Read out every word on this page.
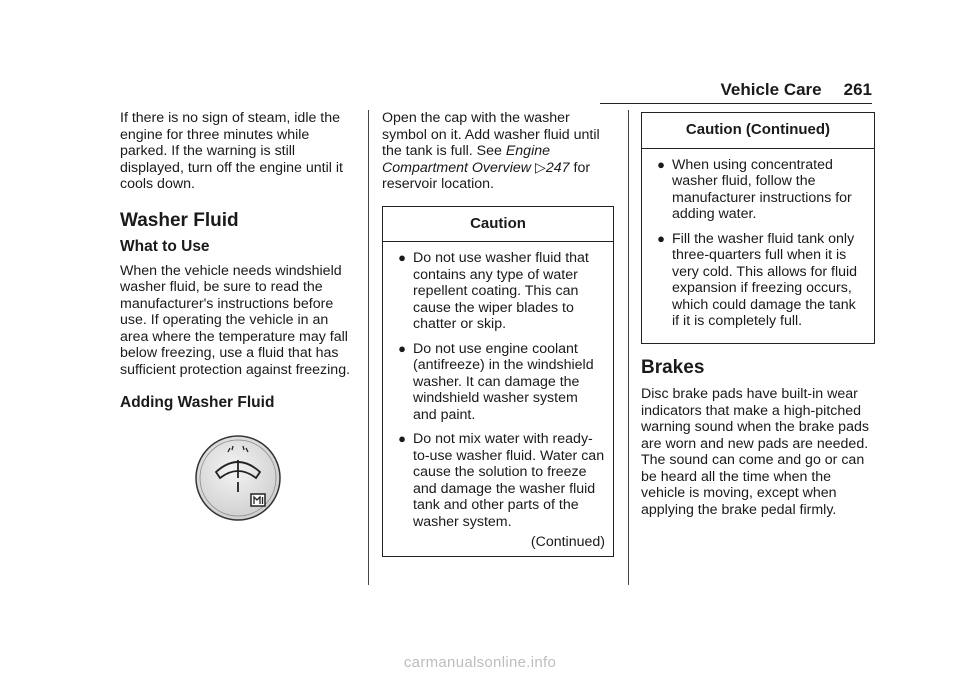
Vehicle Care 261

If there is no sign of steam, idle the engine for three minutes while parked. If the warning is still displayed, turn off the engine until it cools down.

Washer Fluid
What to Use

When the vehicle needs windshield washer fluid, be sure to read the manufacturer's instructions before use. If operating the vehicle in an area where the temperature may fall below freezing, use a fluid that has sufficient protection against freezing.

Adding Washer Fluid

Open the cap with the washer symbol on it. Add washer fluid until the tank is full. See Engine Compartment Overview ▷247 for reservoir location.

Caution
● Do not use washer fluid that contains any type of water repellent coating. This can cause the wiper blades to chatter or skip.
● Do not use engine coolant (antifreeze) in the windshield washer. It can damage the windshield washer system and paint.
● Do not mix water with ready-to-use washer fluid. Water can cause the solution to freeze and damage the washer fluid tank and other parts of the washer system.
(Continued)
Caution (Continued)
● When using concentrated washer fluid, follow the manufacturer instructions for adding water.
● Fill the washer fluid tank only three-quarters full when it is very cold. This allows for fluid expansion if freezing occurs, which could damage the tank if it is completely full.
Brakes

Disc brake pads have built-in wear indicators that make a high-pitched warning sound when the brake pads are worn and new pads are needed. The sound can come and go or can be heard all the time when the vehicle is moving, except when applying the brake pedal firmly.

carmanualsonline.info
